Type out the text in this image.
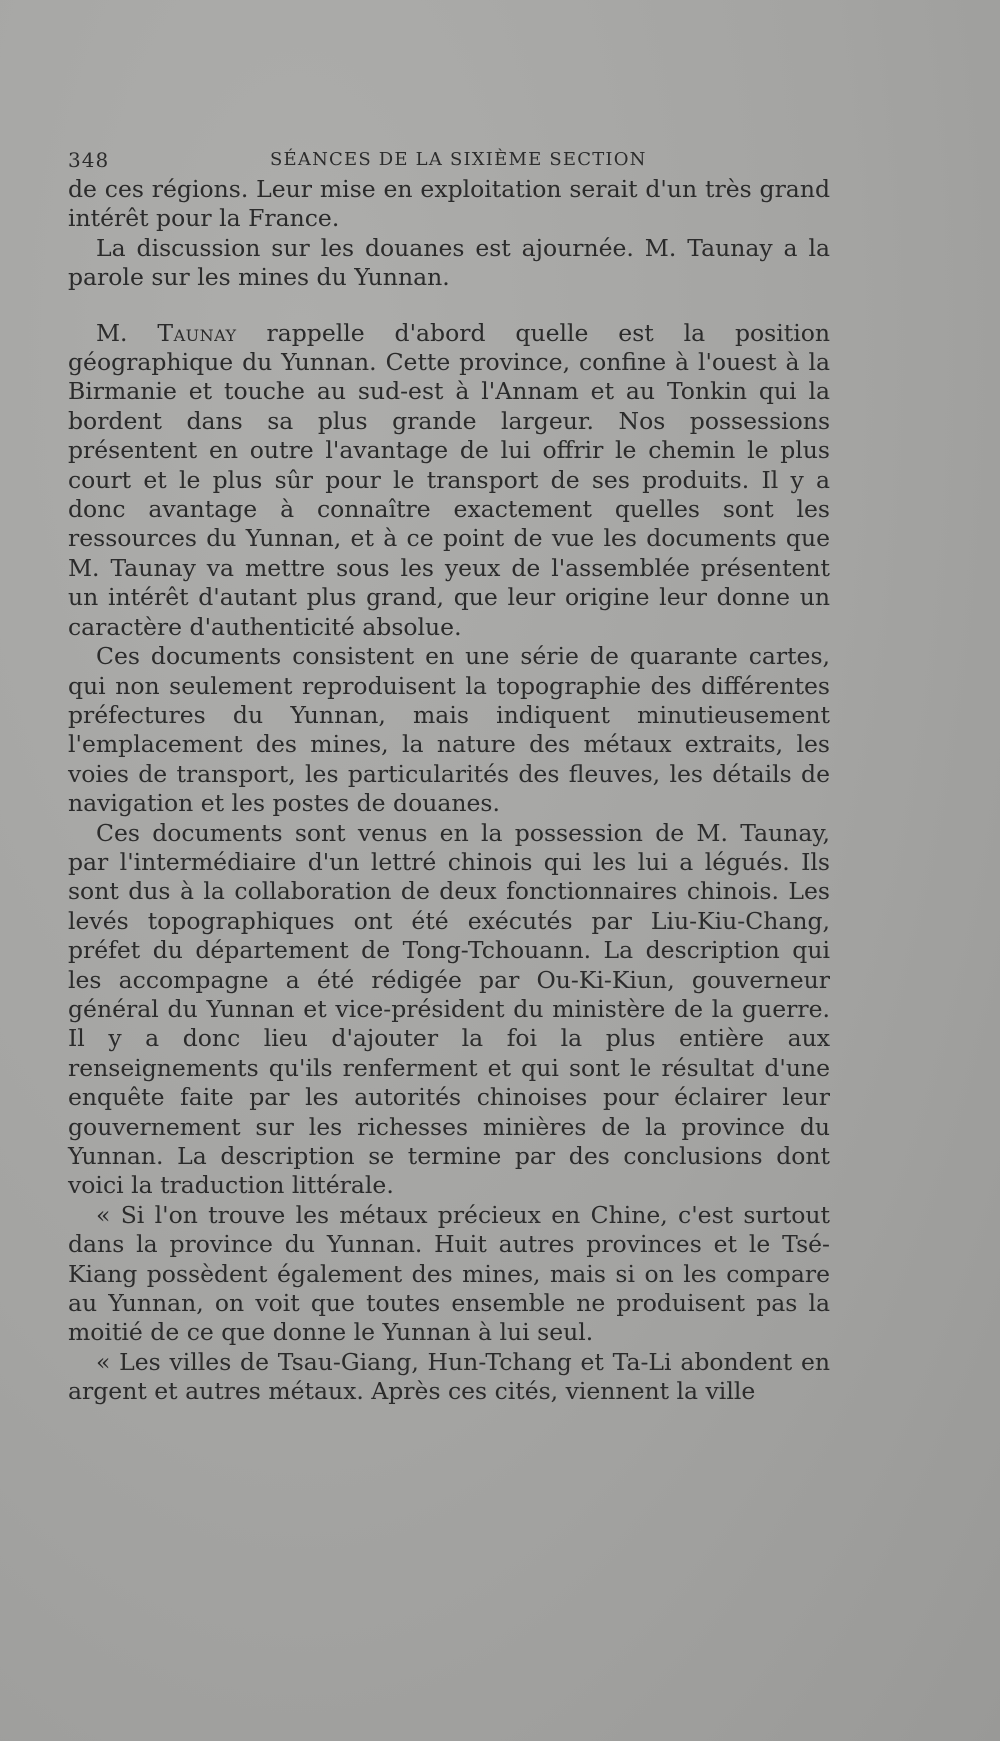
348	SÉANCES DE LA SIXIÈME SECTION

de ces régions. Leur mise en exploitation serait d'un très grand intérêt pour la France.

La discussion sur les douanes est ajournée. M. Taunay a la parole sur les mines du Yunnan.

M. Taunay rappelle d'abord quelle est la position géographique du Yunnan. Cette province, confine à l'ouest à la Birmanie et touche au sud-est à l'Annam et au Tonkin qui la bordent dans sa plus grande largeur. Nos possessions présentent en outre l'avantage de lui offrir le chemin le plus court et le plus sûr pour le transport de ses produits. Il y a donc avantage à connaître exactement quelles sont les ressources du Yunnan, et à ce point de vue les documents que M. Taunay va mettre sous les yeux de l'assemblée présentent un intérêt d'autant plus grand, que leur origine leur donne un caractère d'authenticité absolue.

Ces documents consistent en une série de quarante cartes, qui non seulement reproduisent la topographie des différentes préfectures du Yunnan, mais indiquent minutieusement l'emplacement des mines, la nature des métaux extraits, les voies de transport, les particularités des fleuves, les détails de navigation et les postes de douanes.

Ces documents sont venus en la possession de M. Taunay, par l'intermédiaire d'un lettré chinois qui les lui a légués. Ils sont dus à la collaboration de deux fonctionnaires chinois. Les levés topographiques ont été exécutés par Liu-Kiu-Chang, préfet du département de Tong-Tchouann. La description qui les accompagne a été rédigée par Ou-Ki-Kiun, gouverneur général du Yunnan et vice-président du ministère de la guerre. Il y a donc lieu d'ajouter la foi la plus entière aux renseignements qu'ils renferment et qui sont le résultat d'une enquête faite par les autorités chinoises pour éclairer leur gouvernement sur les richesses minières de la province du Yunnan. La description se termine par des conclusions dont voici la traduction littérale.

« Si l'on trouve les métaux précieux en Chine, c'est surtout dans la province du Yunnan. Huit autres provinces et le Tsé-Kiang possèdent également des mines, mais si on les compare au Yunnan, on voit que toutes ensemble ne produisent pas la moitié de ce que donne le Yunnan à lui seul.

« Les villes de Tsau-Giang, Hun-Tchang et Ta-Li abondent en argent et autres métaux. Après ces cités, viennent la ville
